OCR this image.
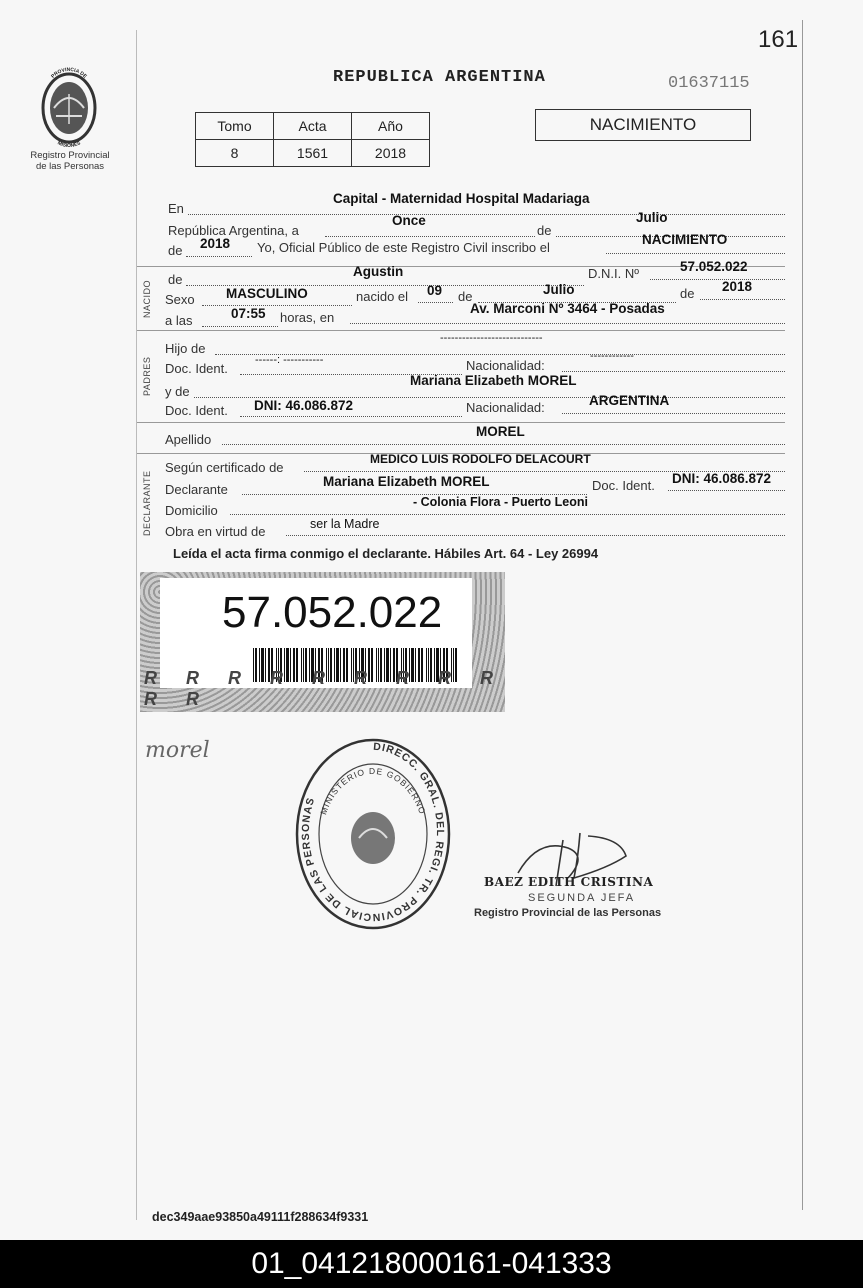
161
PROVINCIA DE
MISIONES
Registro Provincial
de las Personas
REPUBLICA ARGENTINA	01637115
Tomo	Acta	Año
8	1561	2018
NACIMIENTO
En
Capital - Maternidad Hospital Madariaga
República Argentina, a
Once
de
Julio
de 2018 Yo, Oficial Público de este Registro Civil inscribo el
NACIMIENTO
NACIDO
de
Agustin	D.N.I. Nº	57.052.022
Sexo MASCULINO	nacido el 09 de	Julio	de 2018
a las	07:55 horas, en
Av. Marconi Nº 3464 - Posadas
PADRES
Hijo de
----------------------------
Doc. Ident.
------: -----------	Nacionalidad:
------------
y de
Mariana Elizabeth MOREL
Doc. Ident. DNI: 46.086.872	Nacionalidad:	ARGENTINA
Apellido
MOREL
DECLARANTE
Según certificado de
MEDICO LUIS RODOLFO DELACOURT
Declarante
Mariana Elizabeth MOREL	Doc. Ident. DNI: 46.086.872
Domicilio
- Colonia Flora - Puerto Leoni
Obra en virtud de	ser la Madre
Leída el acta firma conmigo el declarante. Hábiles Art. 64 - Ley 26994
57.052.022
R R R R R R R R R R R
morel	DIRECC. GRAL. DEL REGI. TR. PROVINCIAL DE LAS PERSONAS
MINISTERIO DE GOBIERNO
BAEZ EDITH CRISTINA
SEGUNDA JEFA
Registro Provincial de las Personas
dec349aae93850a49111f288634f9331
01_041218000161-041333
